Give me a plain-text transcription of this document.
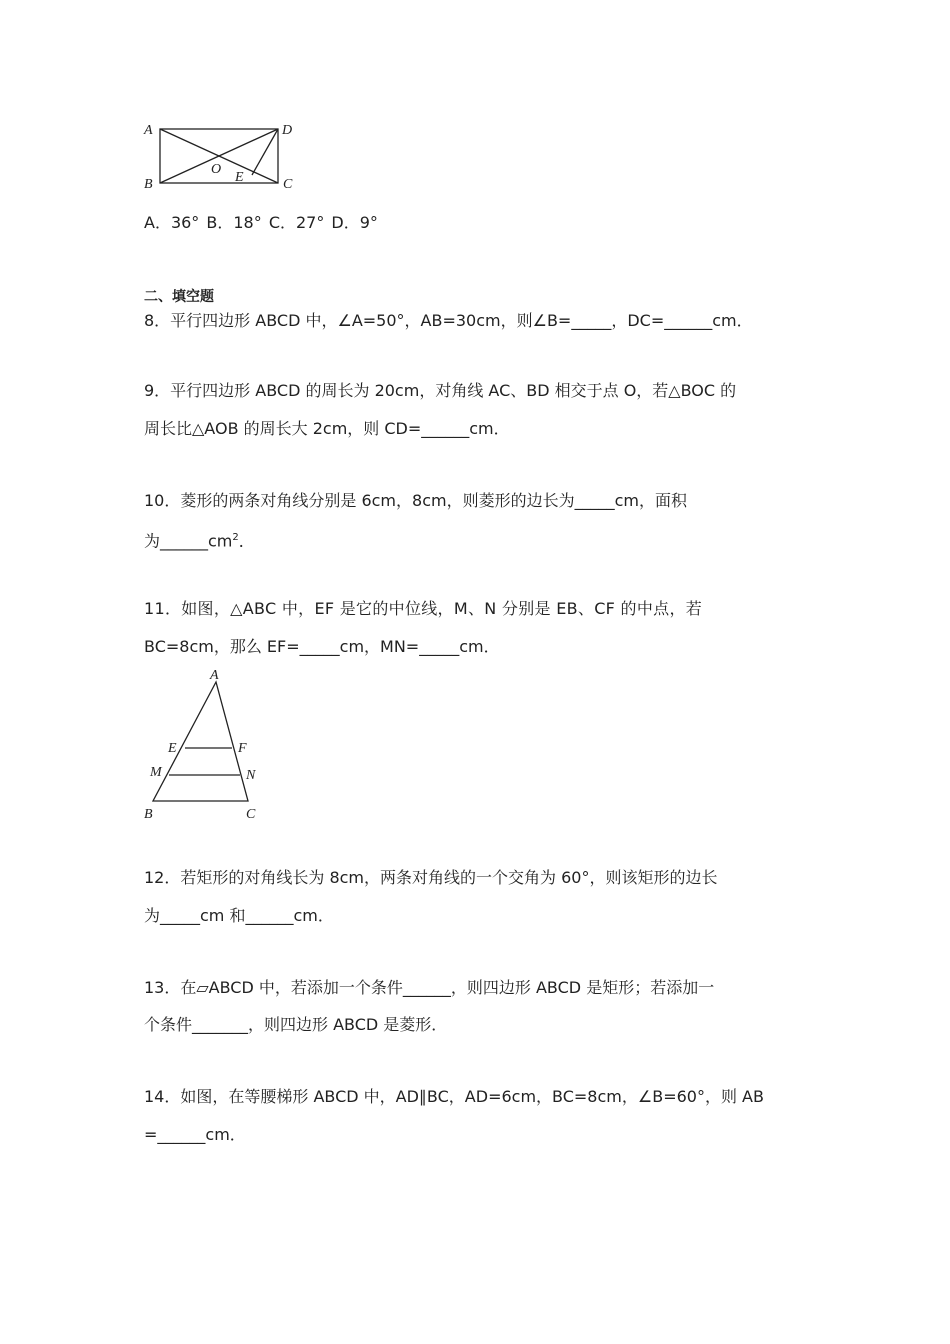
A
B	C
D
O
E
A．36° B．18° C．27° D．9°
二、填空题
8．平行四边形 ABCD 中，∠A=50°，AB=30cm，则∠B=_____，DC=______cm．
9．平行四边形 ABCD 的周长为 20cm，对角线 AC、BD 相交于点 O，若△BOC 的
周长比△AOB 的周长大 2cm，则 CD=______cm．
10．菱形的两条对角线分别是 6cm，8cm，则菱形的边长为_____cm，面积
为$\_\_\_\_\_\_cm^2$．
11．如图，△ABC 中，EF 是它的中位线，M、N 分别是 EB、CF 的中点，若
BC=8cm，那么 EF=_____cm，MN=_____cm．
A
E	F
M	N
B	C
12．若矩形的对角线长为 8cm，两条对角线的一个交角为 60°，则该矩形的边长
为_____cm 和______cm．
13．在▱ABCD 中，若添加一个条件______，则四边形 ABCD 是矩形；若添加一
个条件_______，则四边形 ABCD 是菱形．
14．如图，在等腰梯形 ABCD 中，AD∥BC，AD=6cm，BC=8cm，∠B=60°，则 AB
=______cm．
